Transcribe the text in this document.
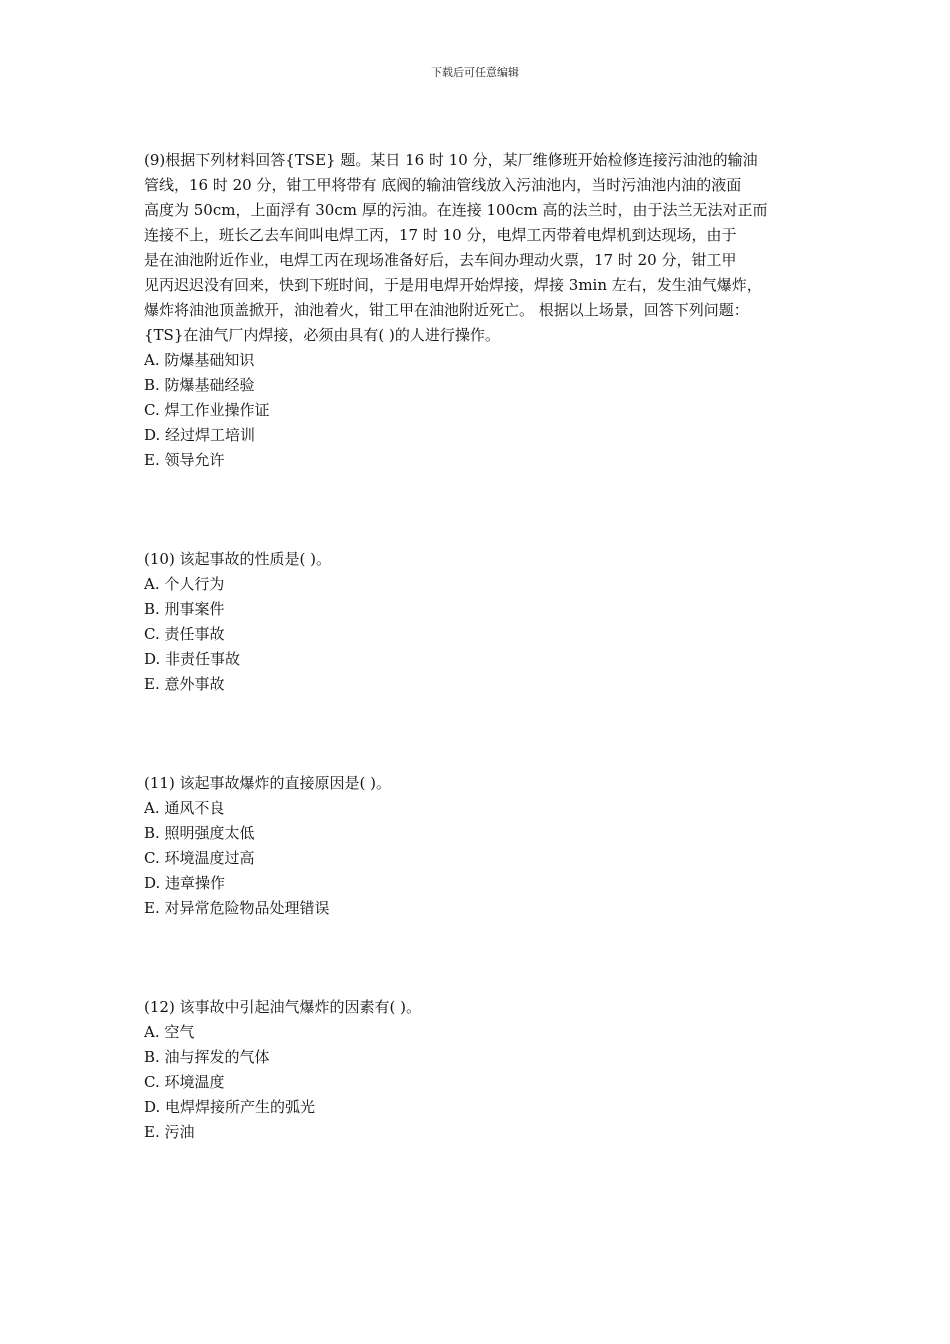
下载后可任意编辑
(9)根据下列材料回答{TSE} 题。某日 16 时 10 分，某厂维修班开始检修连接污油池的输油
管线，16 时 20 分，钳工甲将带有 底阀的输油管线放入污油池内，当时污油池内油的液面
高度为 50cm，上面浮有 30cm 厚的污油。在连接 100cm 高的法兰时，由于法兰无法对正而
连接不上，班长乙去车间叫电焊工丙，17 时 10 分，电焊工丙带着电焊机到达现场，由于
是在油池附近作业，电焊工丙在现场准备好后，去车间办理动火票，17 时 20 分，钳工甲
见丙迟迟没有回来，快到下班时间，于是用电焊开始焊接，焊接 3min 左右，发生油气爆炸，
爆炸将油池顶盖掀开，油池着火，钳工甲在油池附近死亡。 根据以上场景，回答下列问题：
{TS}在油气厂内焊接，必须由具有( )的人进行操作。
A. 防爆基础知识
B. 防爆基础经验
C. 焊工作业操作证
D. 经过焊工培训
E. 领导允许
(10) 该起事故的性质是( )。
A. 个人行为
B. 刑事案件
C. 责任事故
D. 非责任事故
E. 意外事故
(11) 该起事故爆炸的直接原因是( )。
A. 通风不良
B. 照明强度太低
C. 环境温度过高
D. 违章操作
E. 对异常危险物品处理错误
(12) 该事故中引起油气爆炸的因素有( )。
A. 空气
B. 油与挥发的气体
C. 环境温度
D. 电焊焊接所产生的弧光
E. 污油
